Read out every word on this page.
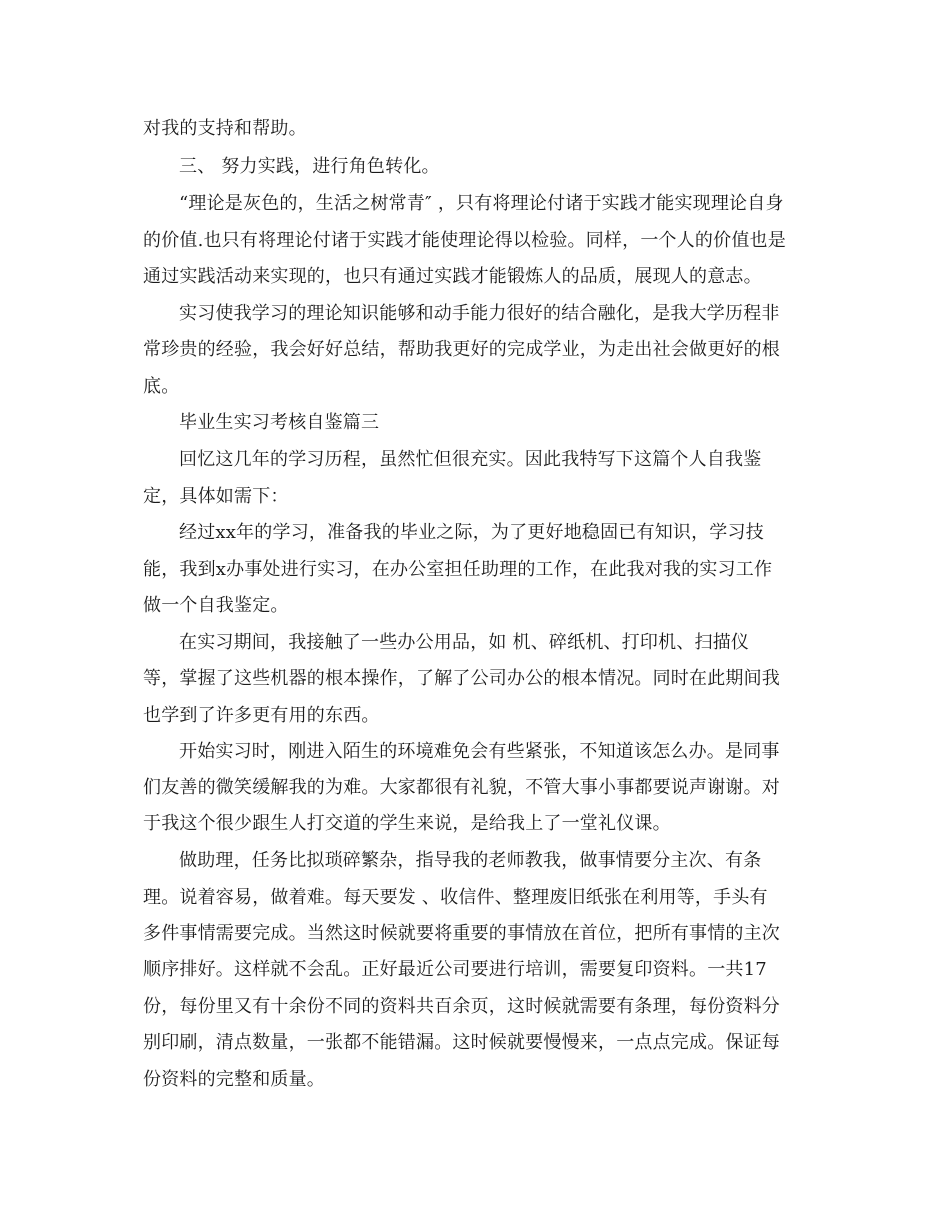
对我的支持和帮助。

三、 努力实践，进行角色转化。

“理论是灰色的，生活之树常青″ ，只有将理论付诸于实践才能实现理论自身

的价值.也只有将理论付诸于实践才能使理论得以检验。同样，一个人的价值也是

通过实践活动来实现的，也只有通过实践才能锻炼人的品质，展现人的意志。

实习使我学习的理论知识能够和动手能力很好的结合融化，是我大学历程非

常珍贵的经验，我会好好总结，帮助我更好的完成学业，为走出社会做更好的根

底。

毕业生实习考核自鉴篇三

回忆这几年的学习历程，虽然忙但很充实。因此我特写下这篇个人自我鉴

定，具体如需下：

经过xx年的学习，准备我的毕业之际，为了更好地稳固已有知识，学习技

能，我到x办事处进行实习，在办公室担任助理的工作，在此我对我的实习工作

做一个自我鉴定。

在实习期间，我接触了一些办公用品，如 机、碎纸机、打印机、扫描仪

等，掌握了这些机器的根本操作，了解了公司办公的根本情况。同时在此期间我

也学到了许多更有用的东西。

开始实习时，刚进入陌生的环境难免会有些紧张，不知道该怎么办。是同事

们友善的微笑缓解我的为难。大家都很有礼貌，不管大事小事都要说声谢谢。对

于我这个很少跟生人打交道的学生来说，是给我上了一堂礼仪课。

做助理，任务比拟琐碎繁杂，指导我的老师教我，做事情要分主次、有条

理。说着容易，做着难。每天要发 、收信件、整理废旧纸张在利用等，手头有

多件事情需要完成。当然这时候就要将重要的事情放在首位，把所有事情的主次

顺序排好。这样就不会乱。正好最近公司要进行培训，需要复印资料。一共17

份，每份里又有十余份不同的资料共百余页，这时候就需要有条理，每份资料分

别印刷，清点数量，一张都不能错漏。这时候就要慢慢来，一点点完成。保证每

份资料的完整和质量。
